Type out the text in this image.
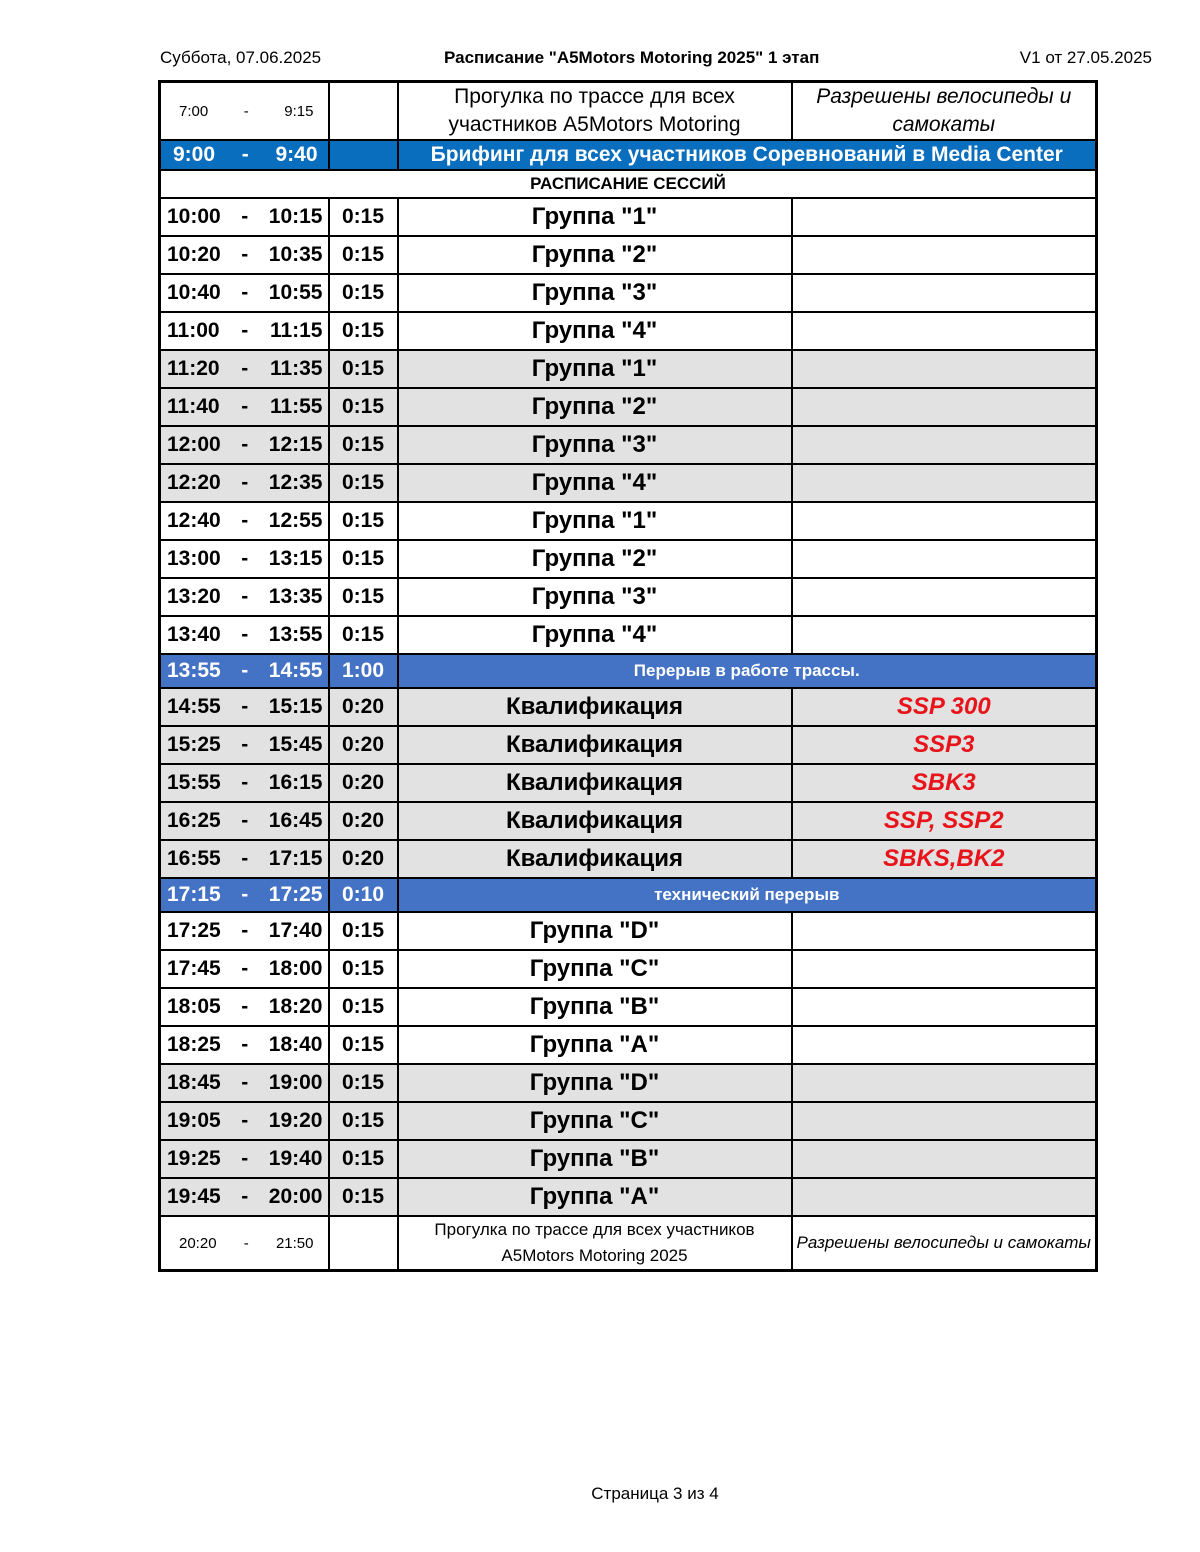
Суббота, 07.06.2025	Расписание "A5Motors Motoring 2025" 1 этап	V1 от 27.05.2025
7:00 - 9:15		Прогулка по трассе для всех участников A5Motors Motoring	Разрешены велосипеды и самокаты

9:00 - 9:40		Брифинг для всех участников Соревнований в Media Center	
РАСПИСАНИЕ СЕССИЙ			

10:00 - 10:15	0:15	Группа "1"	

10:20 - 10:35	0:15	Группа "2"	

10:40 - 10:55	0:15	Группа "3"	

11:00 - 11:15	0:15	Группа "4"	

11:20 - 11:35	0:15	Группа "1"	

11:40 - 11:55	0:15	Группа "2"	

12:00 - 12:15	0:15	Группа "3"	

12:20 - 12:35	0:15	Группа "4"	

12:40 - 12:55	0:15	Группа "1"	

13:00 - 13:15	0:15	Группа "2"	

13:20 - 13:35	0:15	Группа "3"	

13:40 - 13:55	0:15	Группа "4"	

13:55 - 14:55	1:00	Перерыв в работе трассы.	

14:55 - 15:15	0:20	Квалификация	SSP 300

15:25 - 15:45	0:20	Квалификация	SSP3

15:55 - 16:15	0:20	Квалификация	SBK3

16:25 - 16:45	0:20	Квалификация	SSP, SSP2

16:55 - 17:15	0:20	Квалификация	SBKS,BK2

17:15 - 17:25	0:10	технический перерыв	

17:25 - 17:40	0:15	Группа "D"	

17:45 - 18:00	0:15	Группа "C"	

18:05 - 18:20	0:15	Группа "B"	

18:25 - 18:40	0:15	Группа "A"	

18:45 - 19:00	0:15	Группа "D"	

19:05 - 19:20	0:15	Группа "C"	

19:25 - 19:40	0:15	Группа "B"	

19:45 - 20:00	0:15	Группа "A"	

20:20 - 21:50		Прогулка по трассе для всех участников A5Motors Motoring 2025	Разрешены велосипеды и самокаты
Страница 3 из 4
